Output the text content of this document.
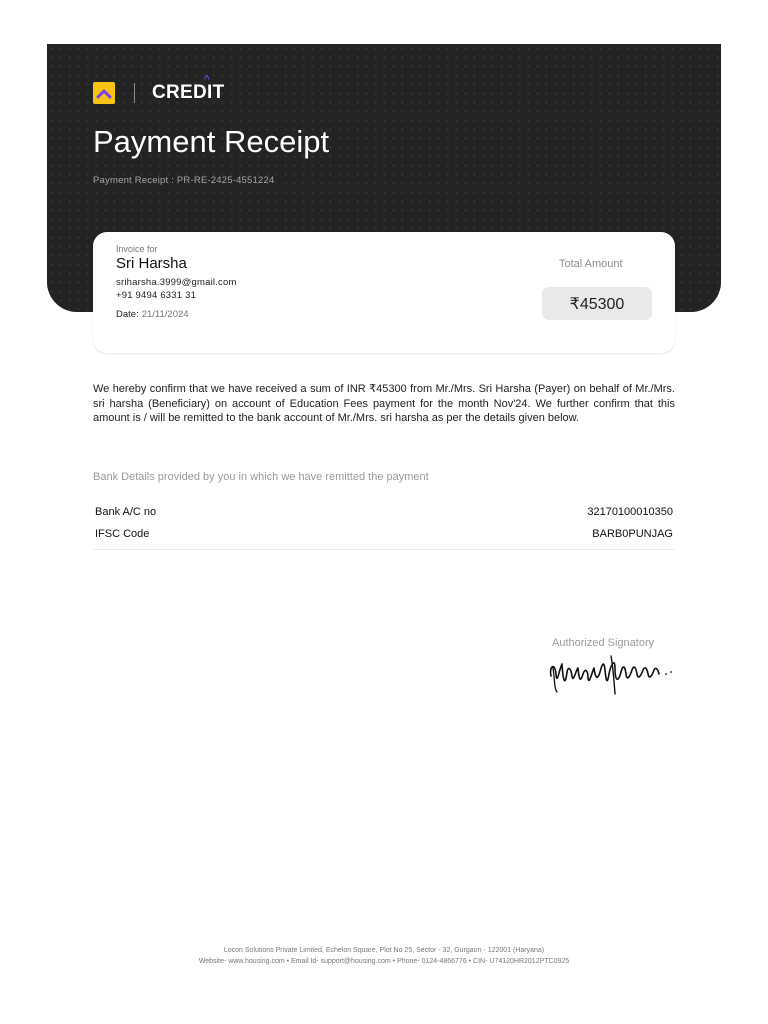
CREDIT
^
Payment Receipt
Payment Receipt : PR-RE-2425-4551224
Invoice for
Sri Harsha
sriharsha.3999@gmail.com
+91 9494 6331 31
Date: 21/11/2024
Total Amount
₹45300

We hereby confirm that we have received a sum of INR ₹45300 from Mr./Mrs. Sri Harsha (Payer) on behalf of Mr./Mrs. sri harsha (Beneficiary) on account of Education Fees payment for the month Nov'24. We further confirm that this amount is / will be remitted to the bank account of Mr./Mrs. sri harsha as per the details given below.

Bank Details provided by you in which we have remitted the payment
Bank A/C no	32170100010350
IFSC Code	BARB0PUNJAG
Authorized Signatory
Locon Solutions Private Limited, Echelon Square, Plot No 25, Sector - 32, Gurgaon - 122001 (Haryana)
Website- www.housing.com • Email Id- support@housing.com • Phone- 0124-4866776 • CIN- U74120HR2012PTC0925
